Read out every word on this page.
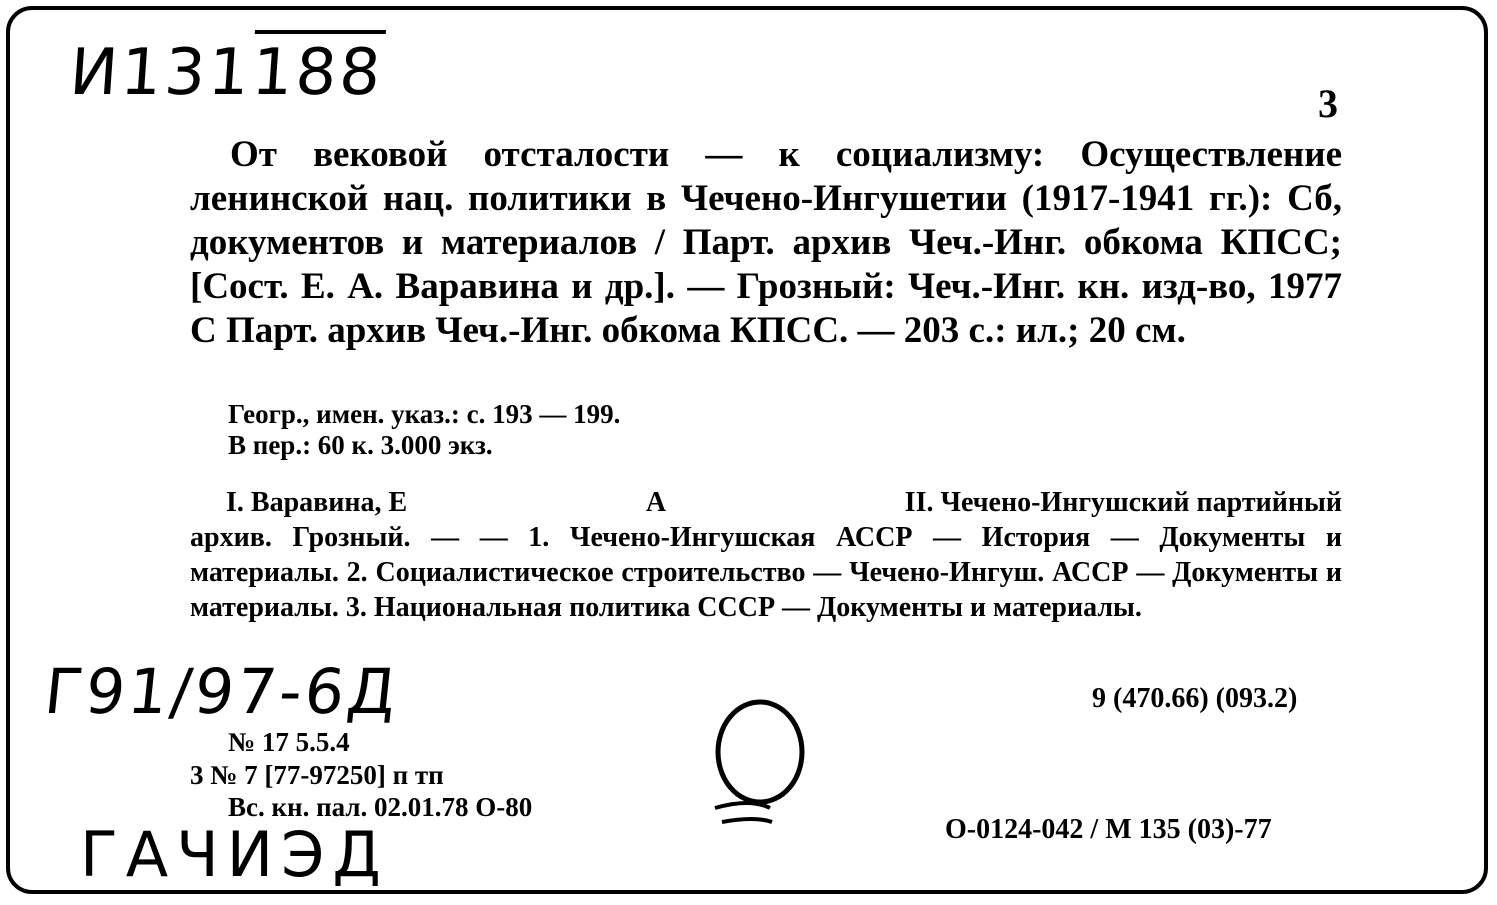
И131188	3
От вековой отсталости — к социализму: Осуществление ленинской нац. политики в Чечено-Ингушетии (1917-1941 гг.): Сб, документов и материалов / Парт. архив Чеч.-Инг. обкома КПСС; [Сост. Е. А. Варавина и др.]. — Грозный: Чеч.-Инг. кн. изд-во, 1977 С Парт. архив Чеч.-Инг. обкома КПСС. — 203 с.: ил.; 20 см.
Геогр., имен. указ.: с. 193 — 199.
В пер.: 60 к. 3.000 экз.
I. Варавина, Е	А	II. Чечено-Ингушский партийный
архив. Грозный. — — 1. Чечено-Ингушская АССР — История — Документы и материалы. 2. Социалистическое строительство — Чечено-Ингуш. АССР — Документы и материалы. 3. Национальная политика СССР — Документы и материалы.
Г91/97-6Д	9 (470.66) (093.2)
№ 17 5.5.4
3 № 7 [77-97250] п тп
Вс. кн. пал. 02.01.78 О-80
О-0124-042 / М 135 (03)-77
ГАЧИЭД
